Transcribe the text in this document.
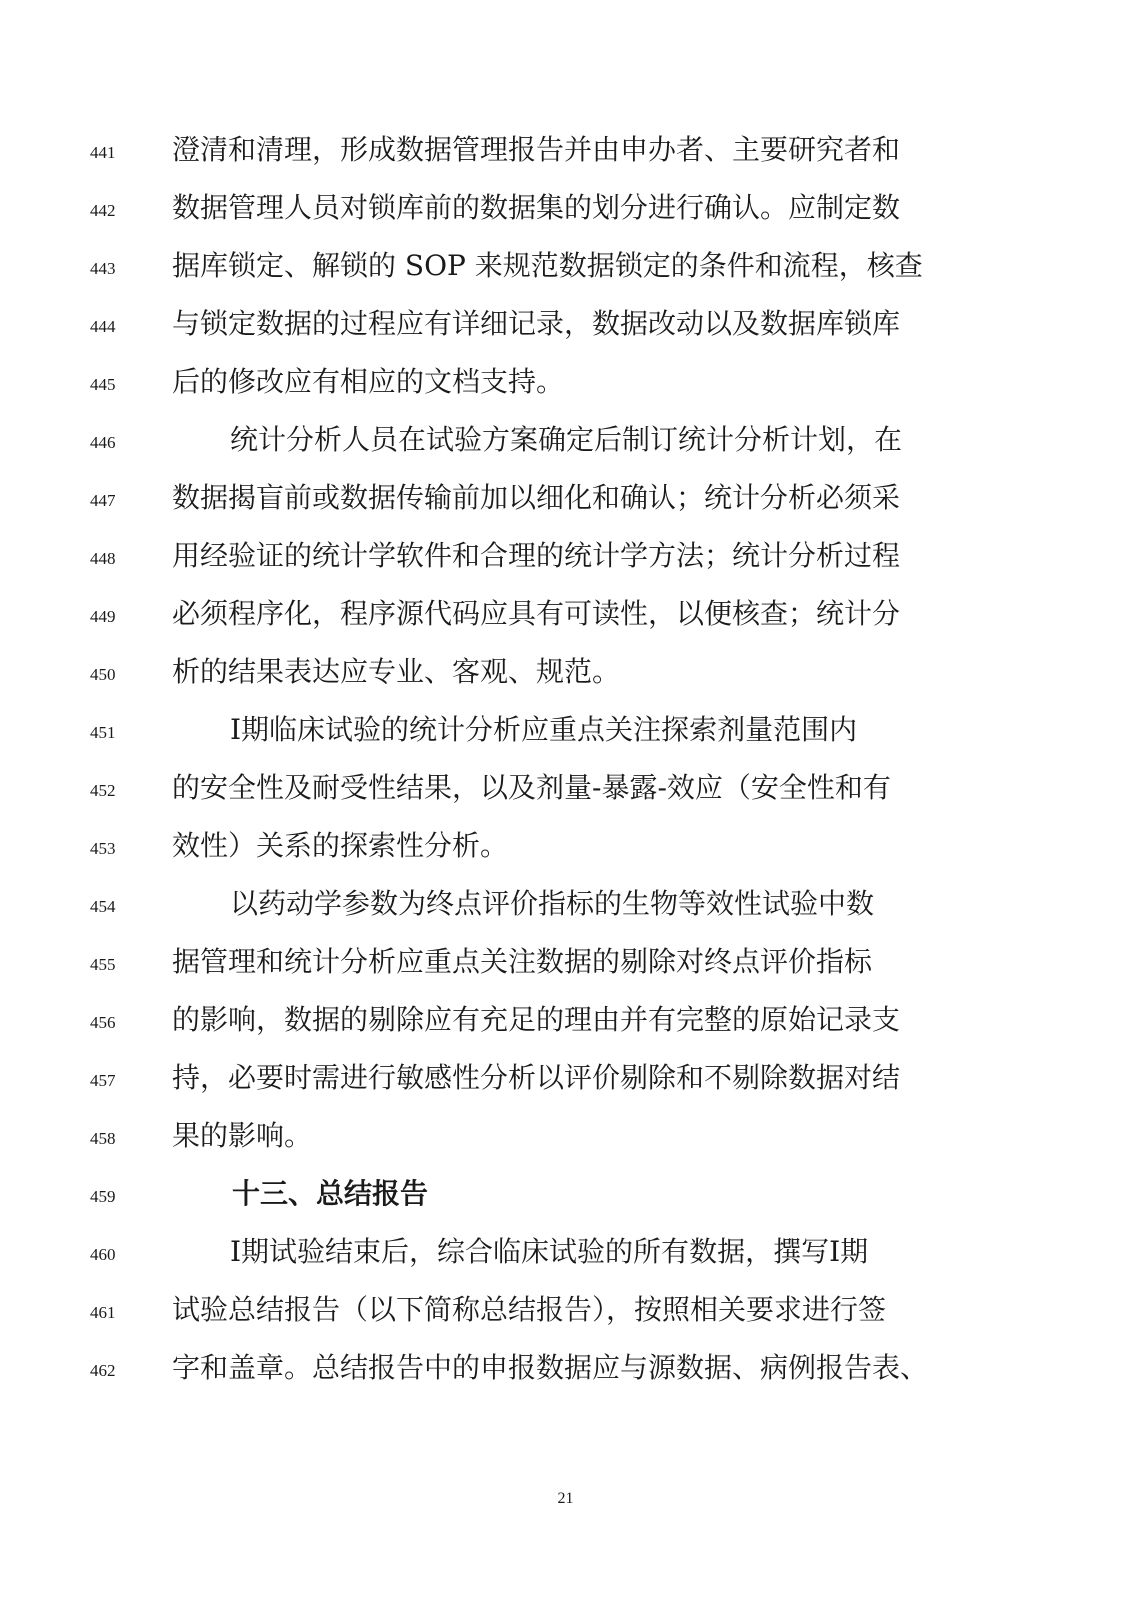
441	澄清和清理，形成数据管理报告并由申办者、主要研究者和
442	数据管理人员对锁库前的数据集的划分进行确认。应制定数
443	据库锁定、解锁的 SOP 来规范数据锁定的条件和流程，核查
444	与锁定数据的过程应有详细记录，数据改动以及数据库锁库
445	后的修改应有相应的文档支持。
446	统计分析人员在试验方案确定后制订统计分析计划，在
447	数据揭盲前或数据传输前加以细化和确认；统计分析必须采
448	用经验证的统计学软件和合理的统计学方法；统计分析过程
449	必须程序化，程序源代码应具有可读性，以便核查；统计分
450	析的结果表达应专业、客观、规范。
451	Ⅰ期临床试验的统计分析应重点关注探索剂量范围内
452	的安全性及耐受性结果，以及剂量-暴露-效应（安全性和有
453	效性）关系的探索性分析。
454	以药动学参数为终点评价指标的生物等效性试验中数
455	据管理和统计分析应重点关注数据的剔除对终点评价指标
456	的影响，数据的剔除应有充足的理由并有完整的原始记录支
457	持，必要时需进行敏感性分析以评价剔除和不剔除数据对结
458	果的影响。
459	十三、总结报告
460	Ⅰ期试验结束后，综合临床试验的所有数据，撰写Ⅰ期
461	试验总结报告（以下简称总结报告），按照相关要求进行签
462	字和盖章。总结报告中的申报数据应与源数据、病例报告表、
21
